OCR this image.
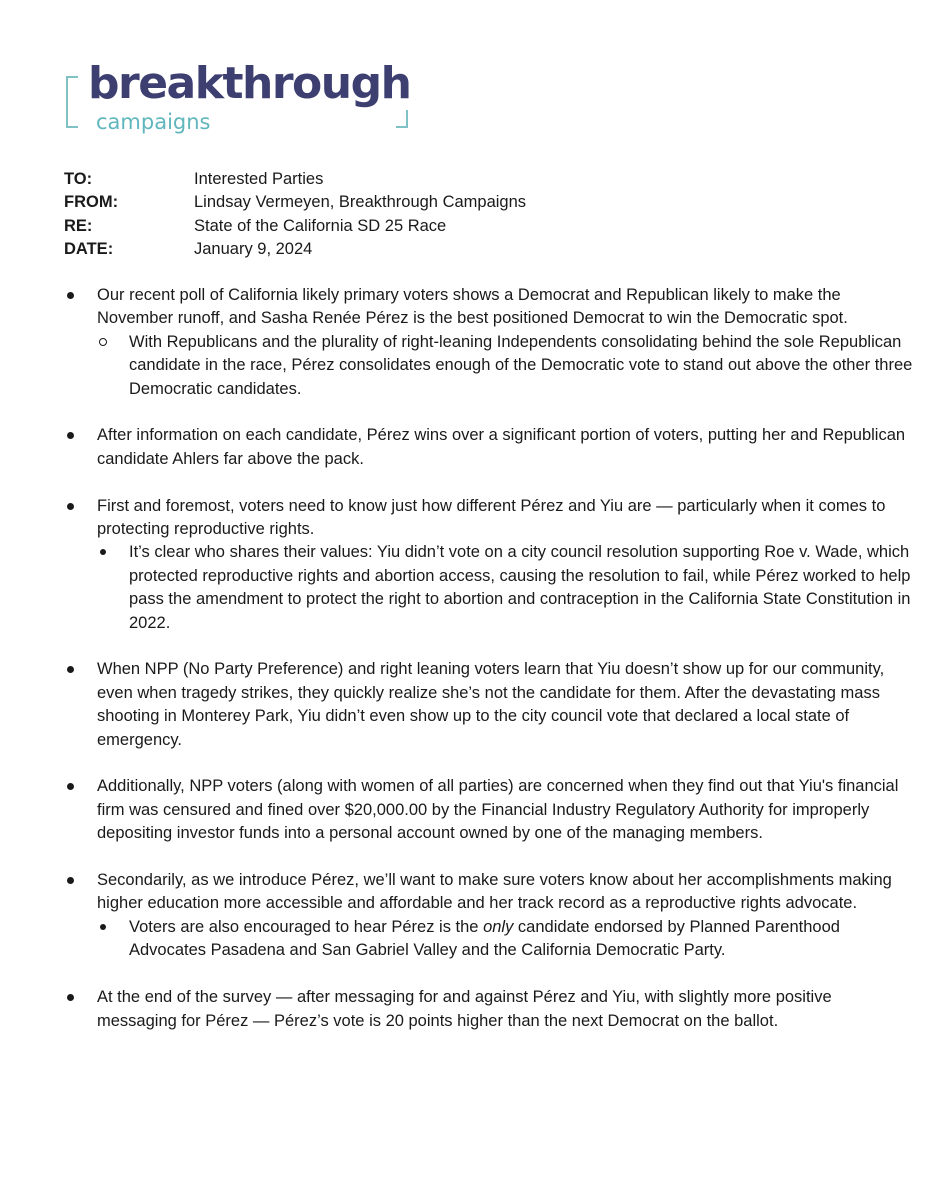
breakthrough
campaigns
TO:	Interested Parties
FROM:	Lindsay Vermeyen, Breakthrough Campaigns
RE:	State of the California SD 25 Race
DATE:	January 9, 2024
Our recent poll of California likely primary voters shows a Democrat and Republican likely to make the November runoff, and Sasha Renée Pérez is the best positioned Democrat to win the Democratic spot.
With Republicans and the plurality of right-leaning Independents consolidating behind the sole Republican candidate in the race, Pérez consolidates enough of the Democratic vote to stand out above the other three Democratic candidates.
After information on each candidate, Pérez wins over a significant portion of voters, putting her and Republican candidate Ahlers far above the pack.
First and foremost, voters need to know just how different Pérez and Yiu are — particularly when it comes to protecting reproductive rights.
It’s clear who shares their values: Yiu didn’t vote on a city council resolution supporting Roe v. Wade, which protected reproductive rights and abortion access, causing the resolution to fail, while Pérez worked to help pass the amendment to protect the right to abortion and contraception in the California State Constitution in 2022.
When NPP (No Party Preference) and right leaning voters learn that Yiu doesn’t show up for our community, even when tragedy strikes, they quickly realize she’s not the candidate for them. After the devastating mass shooting in Monterey Park, Yiu didn’t even show up to the city council vote that declared a local state of emergency.
Additionally, NPP voters (along with women of all parties) are concerned when they find out that Yiu's financial firm was censured and fined over $20,000.00 by the Financial Industry Regulatory Authority for improperly depositing investor funds into a personal account owned by one of the managing members.
Secondarily, as we introduce Pérez, we’ll want to make sure voters know about her accomplishments making higher education more accessible and affordable and her track record as a reproductive rights advocate.
Voters are also encouraged to hear Pérez is the only candidate endorsed by Planned Parenthood Advocates Pasadena and San Gabriel Valley and the California Democratic Party.
At the end of the survey — after messaging for and against Pérez and Yiu, with slightly more positive messaging for Pérez — Pérez’s vote is 20 points higher than the next Democrat on the ballot.
